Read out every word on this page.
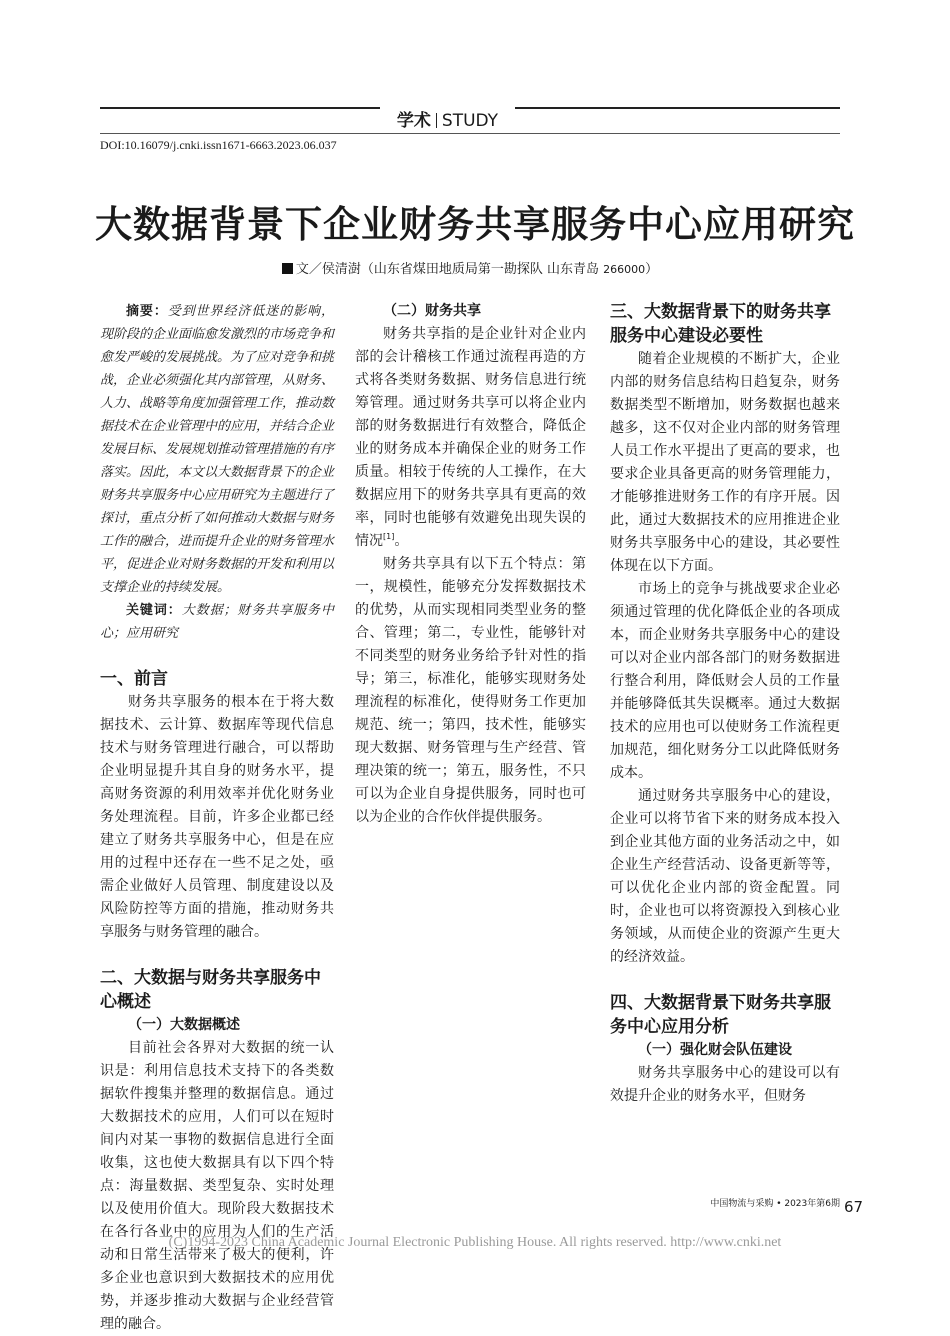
学术 STUDY
DOI:10.16079/j.cnki.issn1671-6663.2023.06.037
大数据背景下企业财务共享服务中心应用研究
文／侯清澍（山东省煤田地质局第一勘探队 山东青岛 266000）

摘要：受到世界经济低迷的影响，现阶段的企业面临愈发激烈的市场竞争和愈发严峻的发展挑战。为了应对竞争和挑战，企业必须强化其内部管理，从财务、人力、战略等角度加强管理工作，推动数据技术在企业管理中的应用，并结合企业发展目标、发展规划推动管理措施的有序落实。因此，本文以大数据背景下的企业财务共享服务中心应用研究为主题进行了探讨，重点分析了如何推动大数据与财务工作的融合，进而提升企业的财务管理水平，促进企业对财务数据的开发和利用以支撑企业的持续发展。

关键词：大数据；财务共享服务中心；应用研究

一、前言

财务共享服务的根本在于将大数据技术、云计算、数据库等现代信息技术与财务管理进行融合，可以帮助企业明显提升其自身的财务水平，提高财务资源的利用效率并优化财务业务处理流程。目前，许多企业都已经建立了财务共享服务中心，但是在应用的过程中还存在一些不足之处，亟需企业做好人员管理、制度建设以及风险防控等方面的措施，推动财务共享服务与财务管理的融合。

二、大数据与财务共享服务中心概述
（一）大数据概述

目前社会各界对大数据的统一认识是：利用信息技术支持下的各类数据软件搜集并整理的数据信息。通过大数据技术的应用，人们可以在短时间内对某一事物的数据信息进行全面收集，这也使大数据具有以下四个特点：海量数据、类型复杂、实时处理以及使用价值大。现阶段大数据技术在各行各业中的应用为人们的生产活动和日常生活带来了极大的便利，许多企业也意识到大数据技术的应用优势，并逐步推动大数据与企业经营管理的融合。

（二）财务共享

财务共享指的是企业针对企业内部的会计稽核工作通过流程再造的方式将各类财务数据、财务信息进行统筹管理。通过财务共享可以将企业内部的财务数据进行有效整合，降低企业的财务成本并确保企业的财务工作质量。相较于传统的人工操作，在大数据应用下的财务共享具有更高的效率，同时也能够有效避免出现失误的情况[1]。

财务共享具有以下五个特点：第一，规模性，能够充分发挥数据技术的优势，从而实现相同类型业务的整合、管理；第二，专业性，能够针对不同类型的财务业务给予针对性的指导；第三，标准化，能够实现财务处理流程的标准化，使得财务工作更加规范、统一；第四，技术性，能够实现大数据、财务管理与生产经营、管理决策的统一；第五，服务性，不只可以为企业自身提供服务，同时也可以为企业的合作伙伴提供服务。

三、大数据背景下的财务共享服务中心建设必要性

随着企业规模的不断扩大，企业内部的财务信息结构日趋复杂，财务数据类型不断增加，财务数据也越来越多，这不仅对企业内部的财务管理人员工作水平提出了更高的要求，也要求企业具备更高的财务管理能力，才能够推进财务工作的有序开展。因此，通过大数据技术的应用推进企业财务共享服务中心的建设，其必要性体现在以下方面。

市场上的竞争与挑战要求企业必须通过管理的优化降低企业的各项成本，而企业财务共享服务中心的建设可以对企业内部各部门的财务数据进行整合利用，降低财会人员的工作量并能够降低其失误概率。通过大数据技术的应用也可以使财务工作流程更加规范，细化财务分工以此降低财务成本。

通过财务共享服务中心的建设，企业可以将节省下来的财务成本投入到企业其他方面的业务活动之中，如企业生产经营活动、设备更新等等，可以优化企业内部的资金配置。同时，企业也可以将资源投入到核心业务领域，从而使企业的资源产生更大的经济效益。

四、大数据背景下财务共享服务中心应用分析
（一）强化财会队伍建设

财务共享服务中心的建设可以有效提升企业的财务水平，但财务

中国物流与采购 • 2023年第6期 67
(C)1994-2023 China Academic Journal Electronic Publishing House. All rights reserved. http://www.cnki.net
